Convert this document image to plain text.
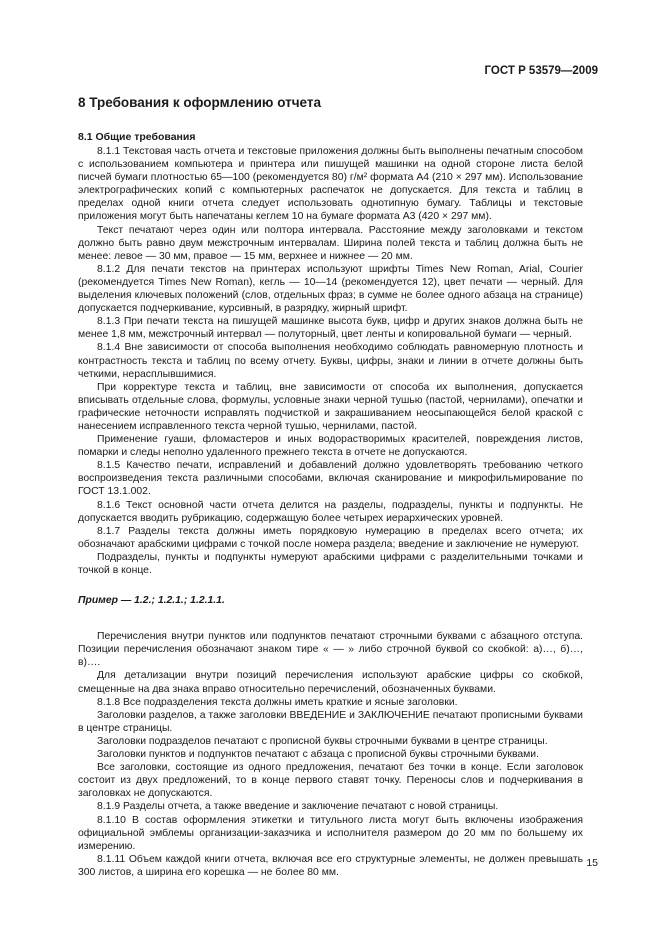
ГОСТ Р 53579—2009
8 Требования к оформлению отчета
8.1 Общие требования

8.1.1 Текстовая часть отчета и текстовые приложения должны быть выполнены печатным способом с использованием компьютера и принтера или пишущей машинки на одной стороне листа белой писчей бумаги плотностью 65—100 (рекомендуется 80) г/м² формата А4 (210 × 297 мм). Использование электрографических копий с компьютерных распечаток не допускается. Для текста и таблиц в пределах одной книги отчета следует использовать однотипную бумагу. Таблицы и текстовые приложения могут быть напечатаны кеглем 10 на бумаге формата А3 (420 × 297 мм).

Текст печатают через один или полтора интервала. Расстояние между заголовками и текстом должно быть равно двум межстрочным интервалам. Ширина полей текста и таблиц должна быть не менее: левое — 30 мм, правое — 15 мм, верхнее и нижнее — 20 мм.

8.1.2 Для печати текстов на принтерах используют шрифты Times New Roman, Arial, Courier (рекомендуется Times New Roman), кегль — 10—14 (рекомендуется 12), цвет печати — черный. Для выделения ключевых положений (слов, отдельных фраз; в сумме не более одного абзаца на странице) допускается подчеркивание, курсивный, в разрядку, жирный шрифт.

8.1.3 При печати текста на пишущей машинке высота букв, цифр и других знаков должна быть не менее 1,8 мм, межстрочный интервал — полуторный, цвет ленты и копировальной бумаги — черный.

8.1.4 Вне зависимости от способа выполнения необходимо соблюдать равномерную плотность и контрастность текста и таблиц по всему отчету. Буквы, цифры, знаки и линии в отчете должны быть четкими, нерасплывшимися.

При корректуре текста и таблиц, вне зависимости от способа их выполнения, допускается вписывать отдельные слова, формулы, условные знаки черной тушью (пастой, чернилами), опечатки и графические неточности исправлять подчисткой и закрашиванием неосыпающейся белой краской с нанесением исправленного текста черной тушью, чернилами, пастой.

Применение гуаши, фломастеров и иных водорастворимых красителей, повреждения листов, помарки и следы неполно удаленного прежнего текста в отчете не допускаются.

8.1.5 Качество печати, исправлений и добавлений должно удовлетворять требованию четкого воспроизведения текста различными способами, включая сканирование и микрофильмирование по ГОСТ 13.1.002.

8.1.6 Текст основной части отчета делится на разделы, подразделы, пункты и подпункты. Не допускается вводить рубрикацию, содержащую более четырех иерархических уровней.

8.1.7 Разделы текста должны иметь порядковую нумерацию в пределах всего отчета; их обозначают арабскими цифрами с точкой после номера раздела; введение и заключение не нумеруют.

Подразделы, пункты и подпункты нумеруют арабскими цифрами с разделительными точками и точкой в конце.

Пример — 1.2.; 1.2.1.; 1.2.1.1.

Перечисления внутри пунктов или подпунктов печатают строчными буквами с абзацного отступа. Позиции перечисления обозначают знаком тире « — » либо строчной буквой со скобкой: а)…, б)…, в)….

Для детализации внутри позиций перечисления используют арабские цифры со скобкой, смещенные на два знака вправо относительно перечислений, обозначенных буквами.

8.1.8 Все подразделения текста должны иметь краткие и ясные заголовки.

Заголовки разделов, а также заголовки ВВЕДЕНИЕ и ЗАКЛЮЧЕНИЕ печатают прописными буквами в центре страницы.

Заголовки подразделов печатают с прописной буквы строчными буквами в центре страницы.

Заголовки пунктов и подпунктов печатают с абзаца с прописной буквы строчными буквами.

Все заголовки, состоящие из одного предложения, печатают без точки в конце. Если заголовок состоит из двух предложений, то в конце первого ставят точку. Переносы слов и подчеркивания в заголовках не допускаются.

8.1.9 Разделы отчета, а также введение и заключение печатают с новой страницы.

8.1.10 В состав оформления этикетки и титульного листа могут быть включены изображения официальной эмблемы организации-заказчика и исполнителя размером до 20 мм по большему их измерению.

8.1.11 Объем каждой книги отчета, включая все его структурные элементы, не должен превышать 300 листов, а ширина его корешка — не более 80 мм.

15
